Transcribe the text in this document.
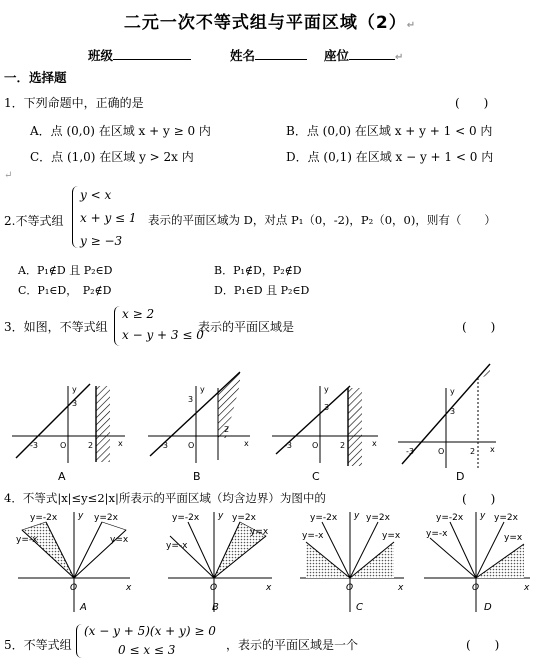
二元一次不等式组与平面区域（2）↵
班级	姓名	座位	↵
一．选择题
1．下列命题中，正确的是	(　　)
A．点 (0,0) 在区域 x + y ≥ 0 内	B．点 (0,0) 在区域 x + y + 1 < 0 内
C．点 (1,0) 在区域 y > 2x 内	D．点 (0,1) 在区域 x − y + 1 < 0 内
↵
2.不等式组
y < x
x + y ≤ 1
y ≥ −3
表示的平面区域为 D，对点 P₁（0，-2)，P₂（0，0)，则有（　　）
A．P₁∉D 且 P₂∈D	B．P₁∉D，P₂∉D
C．P₁∈D，　P₂∉D	D．P₁∈D 且 P₂∈D
3．如图，不等式组
x ≥ 2
x − y + 3 ≤ 0
表示的平面区域是	(　　)
-3	O	2
3
x
y
A
-3	O
2
3
x
y
B
-3	O	2
3
x
y
C
-3	O	2
3
x
y
D
4．不等式|x|≤y≤2|x|所表示的平面区域（均含边界）为图中的	(　　)
y=-2x	y=2x
y=-x	y=x
O	x
y
A
y=-2x	y=2x
y=-x
y=x
O	x
y
B
y=-2x	y=2x
y=-x	y=x
O	x
y
C
y=-2x	y=2x
y=-x	y=x
O	x
y
D
5．不等式组
(x − y + 5)(x + y) ≥ 0
0 ≤ x ≤ 3	，表示的平面区域是一个	(　　)
